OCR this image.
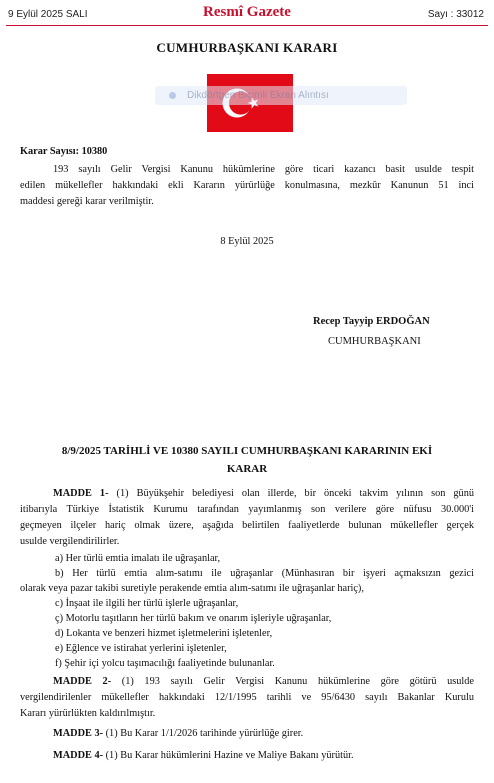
9 Eylül 2025 SALI	Resmî Gazete	Sayı : 33012
CUMHURBAŞKANI KARARI
Dikdörtgen Biçimli Ekran Alıntısı
Karar Sayısı: 10380
193 sayılı Gelir Vergisi Kanunu hükümlerine göre ticari kazancı basit usulde tespit
edilen mükellefler hakkındaki ekli Kararın yürürlüğe konulmasına, mezkûr Kanunun 51 inci
maddesi gereği karar verilmiştir.
8 Eylül 2025
Recep Tayyip ERDOĞAN
CUMHURBAŞKANI
8/9/2025 TARİHLİ VE 10380 SAYILI CUMHURBAŞKANI KARARININ EKİ
KARAR
MADDE 1- (1) Büyükşehir belediyesi olan illerde, bir önceki takvim yılının son günü
itibarıyla Türkiye İstatistik Kurumu tarafından yayımlanmış son verilere göre nüfusu 30.000'i
geçmeyen ilçeler hariç olmak üzere, aşağıda belirtilen faaliyetlerde bulunan mükellefler gerçek
usulde vergilendirilirler.
a) Her türlü emtia imalatı ile uğraşanlar,
b) Her türlü emtia alım-satımı ile uğraşanlar (Münhasıran bir işyeri açmaksızın gezici
olarak veya pazar takibi suretiyle perakende emtia alım-satımı ile uğraşanlar hariç),
c) İnşaat ile ilgili her türlü işlerle uğraşanlar,
ç) Motorlu taşıtların her türlü bakım ve onarım işleriyle uğraşanlar,
d) Lokanta ve benzeri hizmet işletmelerini işletenler,
e) Eğlence ve istirahat yerlerini işletenler,
f) Şehir içi yolcu taşımacılığı faaliyetinde bulunanlar.
MADDE 2- (1) 193 sayılı Gelir Vergisi Kanunu hükümlerine göre götürü usulde
vergilendirilenler mükellefler hakkındaki 12/1/1995 tarihli ve 95/6430 sayılı Bakanlar Kurulu
Kararı yürürlükten kaldırılmıştır.
MADDE 3- (1) Bu Karar 1/1/2026 tarihinde yürürlüğe girer.
MADDE 4- (1) Bu Karar hükümlerini Hazine ve Maliye Bakanı yürütür.
